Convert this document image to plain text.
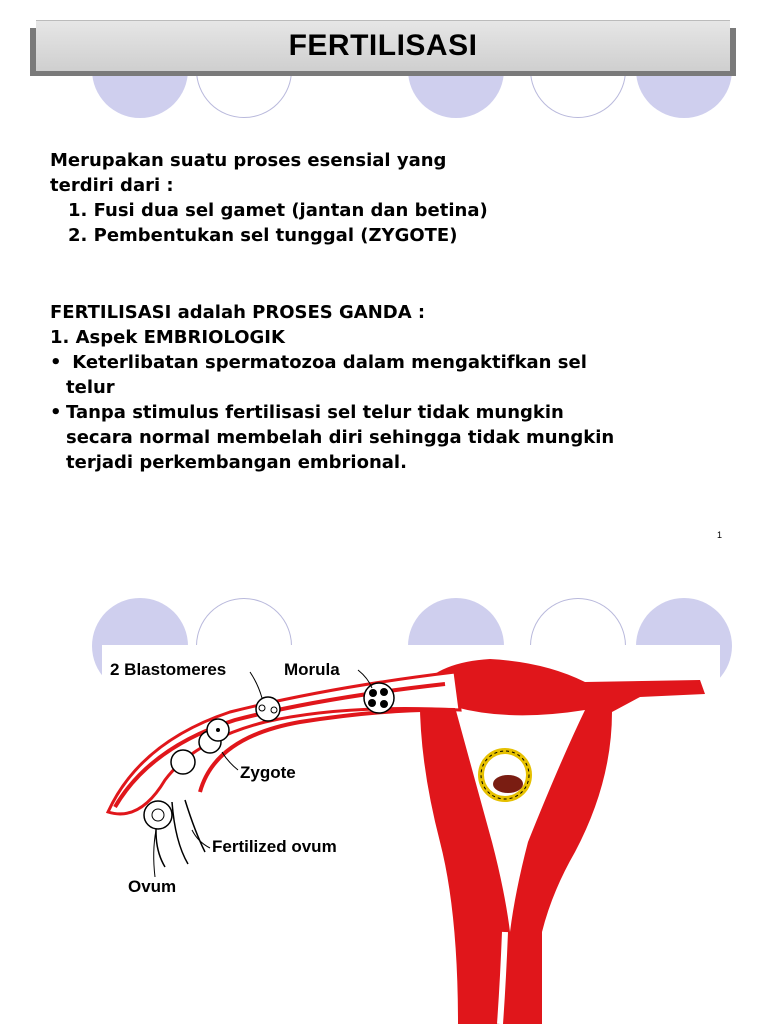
FERTILISASI
Merupakan suatu proses esensial yang
terdiri dari :
1. Fusi dua sel gamet (jantan dan betina)
2. Pembentukan sel tunggal (ZYGOTE)
FERTILISASI adalah PROSES GANDA :
1. Aspek EMBRIOLOGIK
• Keterlibatan spermatozoa dalam mengaktifkan sel
telur
• Tanpa stimulus fertilisasi sel telur tidak mungkin
secara normal membelah diri sehingga tidak mungkin
terjadi perkembangan embrional.
1
2 Blastomeres	Morula
Zygote
Fertilized ovum
Ovum
